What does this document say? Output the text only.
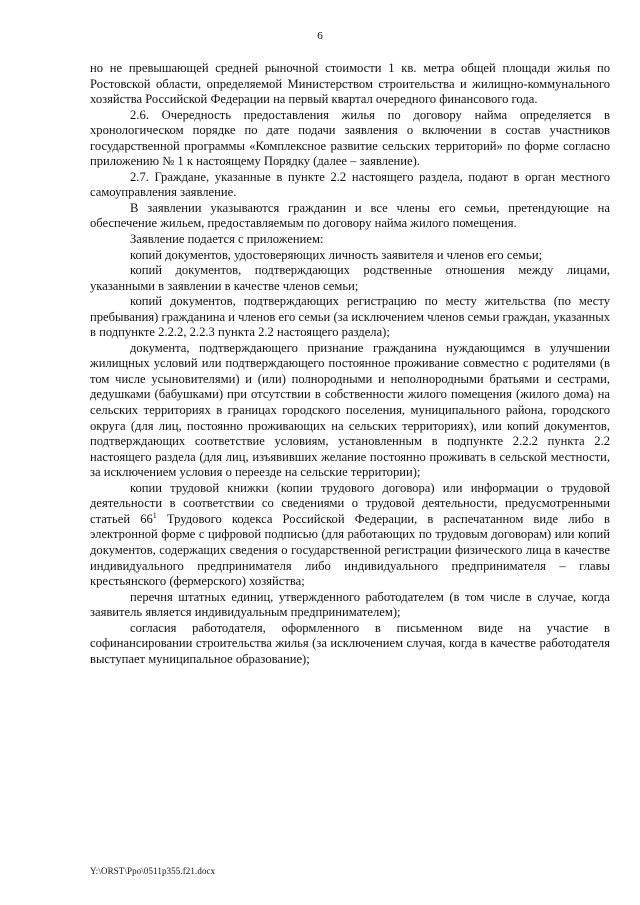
6

но не превышающей средней рыночной стоимости 1 кв. метра общей площади жилья по Ростовской области, определяемой Министерством строительства и жилищно-коммунального хозяйства Российской Федерации на первый квартал очередного финансового года.

2.6. Очередность предоставления жилья по договору найма определяется в хронологическом порядке по дате подачи заявления о включении в состав участников государственной программы «Комплексное развитие сельских территорий» по форме согласно приложению № 1 к настоящему Порядку (далее – заявление).

2.7. Граждане, указанные в пункте 2.2 настоящего раздела, подают в орган местного самоуправления заявление.

В заявлении указываются гражданин и все члены его семьи, претендующие на обеспечение жильем, предоставляемым по договору найма жилого помещения.

Заявление подается с приложением:

копий документов, удостоверяющих личность заявителя и членов его семьи;

копий документов, подтверждающих родственные отношения между лицами, указанными в заявлении в качестве членов семьи;

копий документов, подтверждающих регистрацию по месту жительства (по месту пребывания) гражданина и членов его семьи (за исключением членов семьи граждан, указанных в подпункте 2.2.2, 2.2.3 пункта 2.2 настоящего раздела);

документа, подтверждающего признание гражданина нуждающимся в улучшении жилищных условий или подтверждающего постоянное проживание совместно с родителями (в том числе усыновителями) и (или) полнородными и неполнородными братьями и сестрами, дедушками (бабушками) при отсутствии в собственности жилого помещения (жилого дома) на сельских территориях в границах городского поселения, муниципального района, городского округа (для лиц, постоянно проживающих на сельских территориях), или копий документов, подтверждающих соответствие условиям, установленным в подпункте 2.2.2 пункта 2.2 настоящего раздела (для лиц, изъявивших желание постоянно проживать в сельской местности, за исключением условия о переезде на сельские территории);

копии трудовой книжки (копии трудового договора) или информации о трудовой деятельности в соответствии со сведениями о трудовой деятельности, предусмотренными статьей $66^1$ Трудового кодекса Российской Федерации, в распечатанном виде либо в электронной форме с цифровой подписью (для работающих по трудовым договорам) или копий документов, содержащих сведения о государственной регистрации физического лица в качестве индивидуального предпринимателя либо индивидуального предпринимателя – главы крестьянского (фермерского) хозяйства;

перечня штатных единиц, утвержденного работодателем (в том числе в случае, когда заявитель является индивидуальным предпринимателем);

согласия работодателя, оформленного в письменном виде на участие в софинансировании строительства жилья (за исключением случая, когда в качестве работодателя выступает муниципальное образование);

Y:\ORST\Ppo\0511p355.f21.docx
